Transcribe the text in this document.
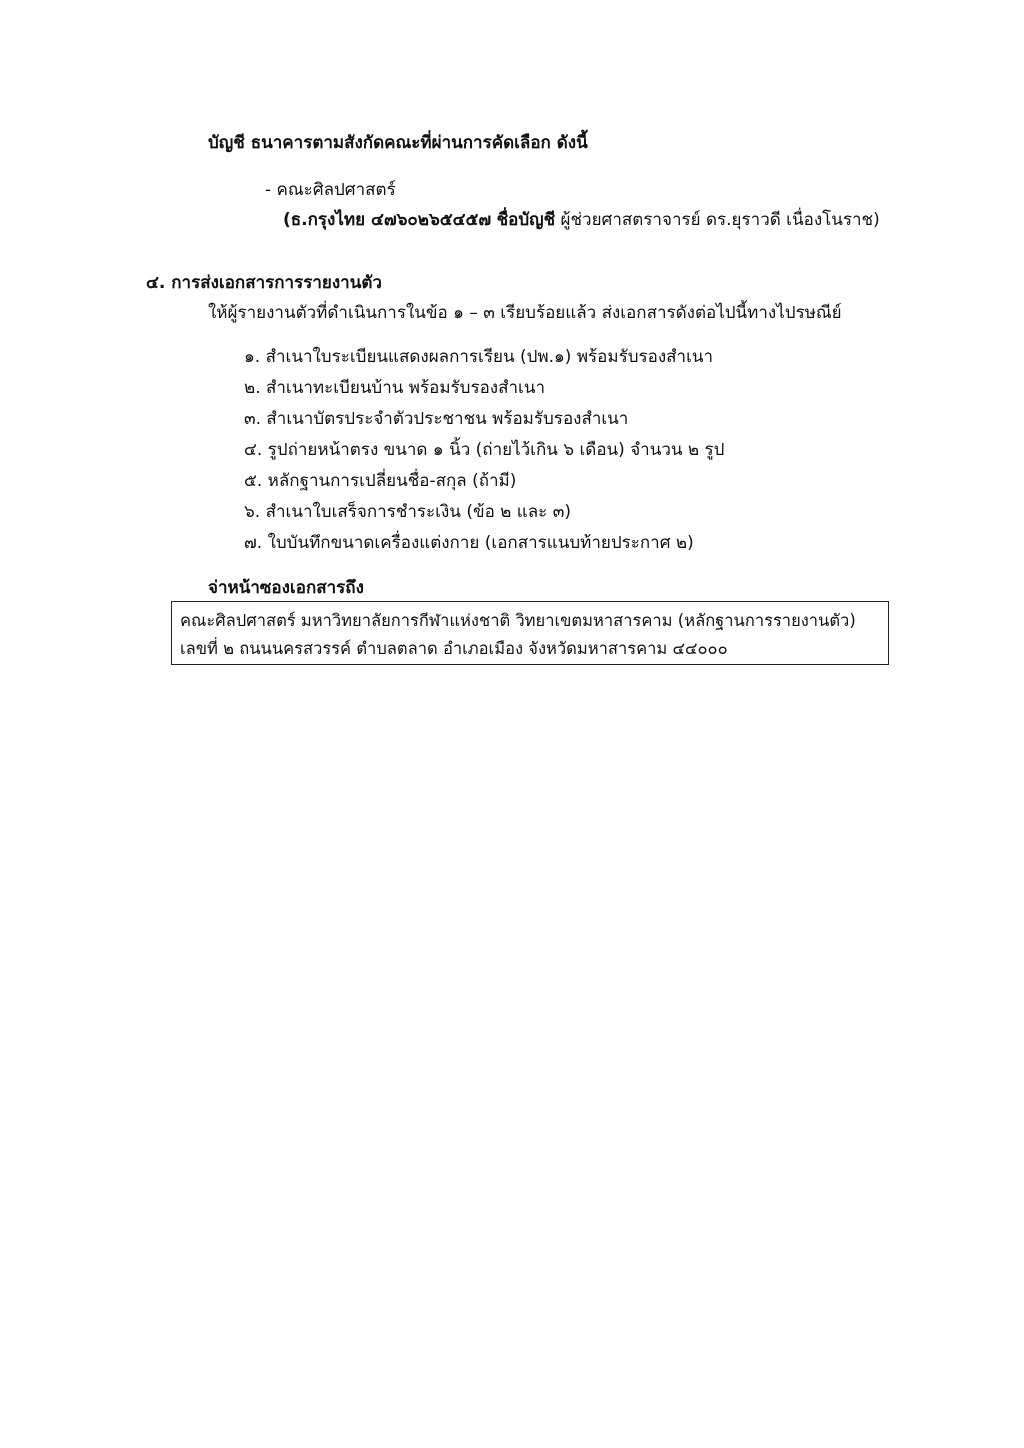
บัญชี ธนาคารตามสังกัดคณะที่ผ่านการคัดเลือก ดังนี้
- คณะศิลปศาสตร์
(ธ.กรุงไทย ๔๗๖๐๒๖๕๔๕๗ ชื่อบัญชี ผู้ช่วยศาสตราจารย์ ดร.ยุราวดี เนื่องโนราช)
๔. การส่งเอกสารการรายงานตัว
ให้ผู้รายงานตัวที่ดำเนินการในข้อ ๑ – ๓ เรียบร้อยแล้ว ส่งเอกสารดังต่อไปนี้ทางไปรษณีย์
๑. สำเนาใบระเบียนแสดงผลการเรียน (ปพ.๑) พร้อมรับรองสำเนา
๒. สำเนาทะเบียนบ้าน พร้อมรับรองสำเนา
๓. สำเนาบัตรประจำตัวประชาชน พร้อมรับรองสำเนา
๔. รูปถ่ายหน้าตรง ขนาด ๑ นิ้ว (ถ่ายไว้เกิน ๖ เดือน) จำนวน ๒ รูป
๕. หลักฐานการเปลี่ยนชื่อ-สกุล (ถ้ามี)
๖. สำเนาใบเสร็จการชำระเงิน (ข้อ ๒ และ ๓)
๗. ใบบันทึกขนาดเครื่องแต่งกาย (เอกสารแนบท้ายประกาศ ๒)
จ่าหน้าซองเอกสารถึง
คณะศิลปศาสตร์ มหาวิทยาลัยการกีฬาแห่งชาติ วิทยาเขตมหาสารคาม (หลักฐานการรายงานตัว)
เลขที่ ๒ ถนนนครสวรรค์ ตำบลตลาด อำเภอเมือง จังหวัดมหาสารคาม ๔๔๐๐๐
